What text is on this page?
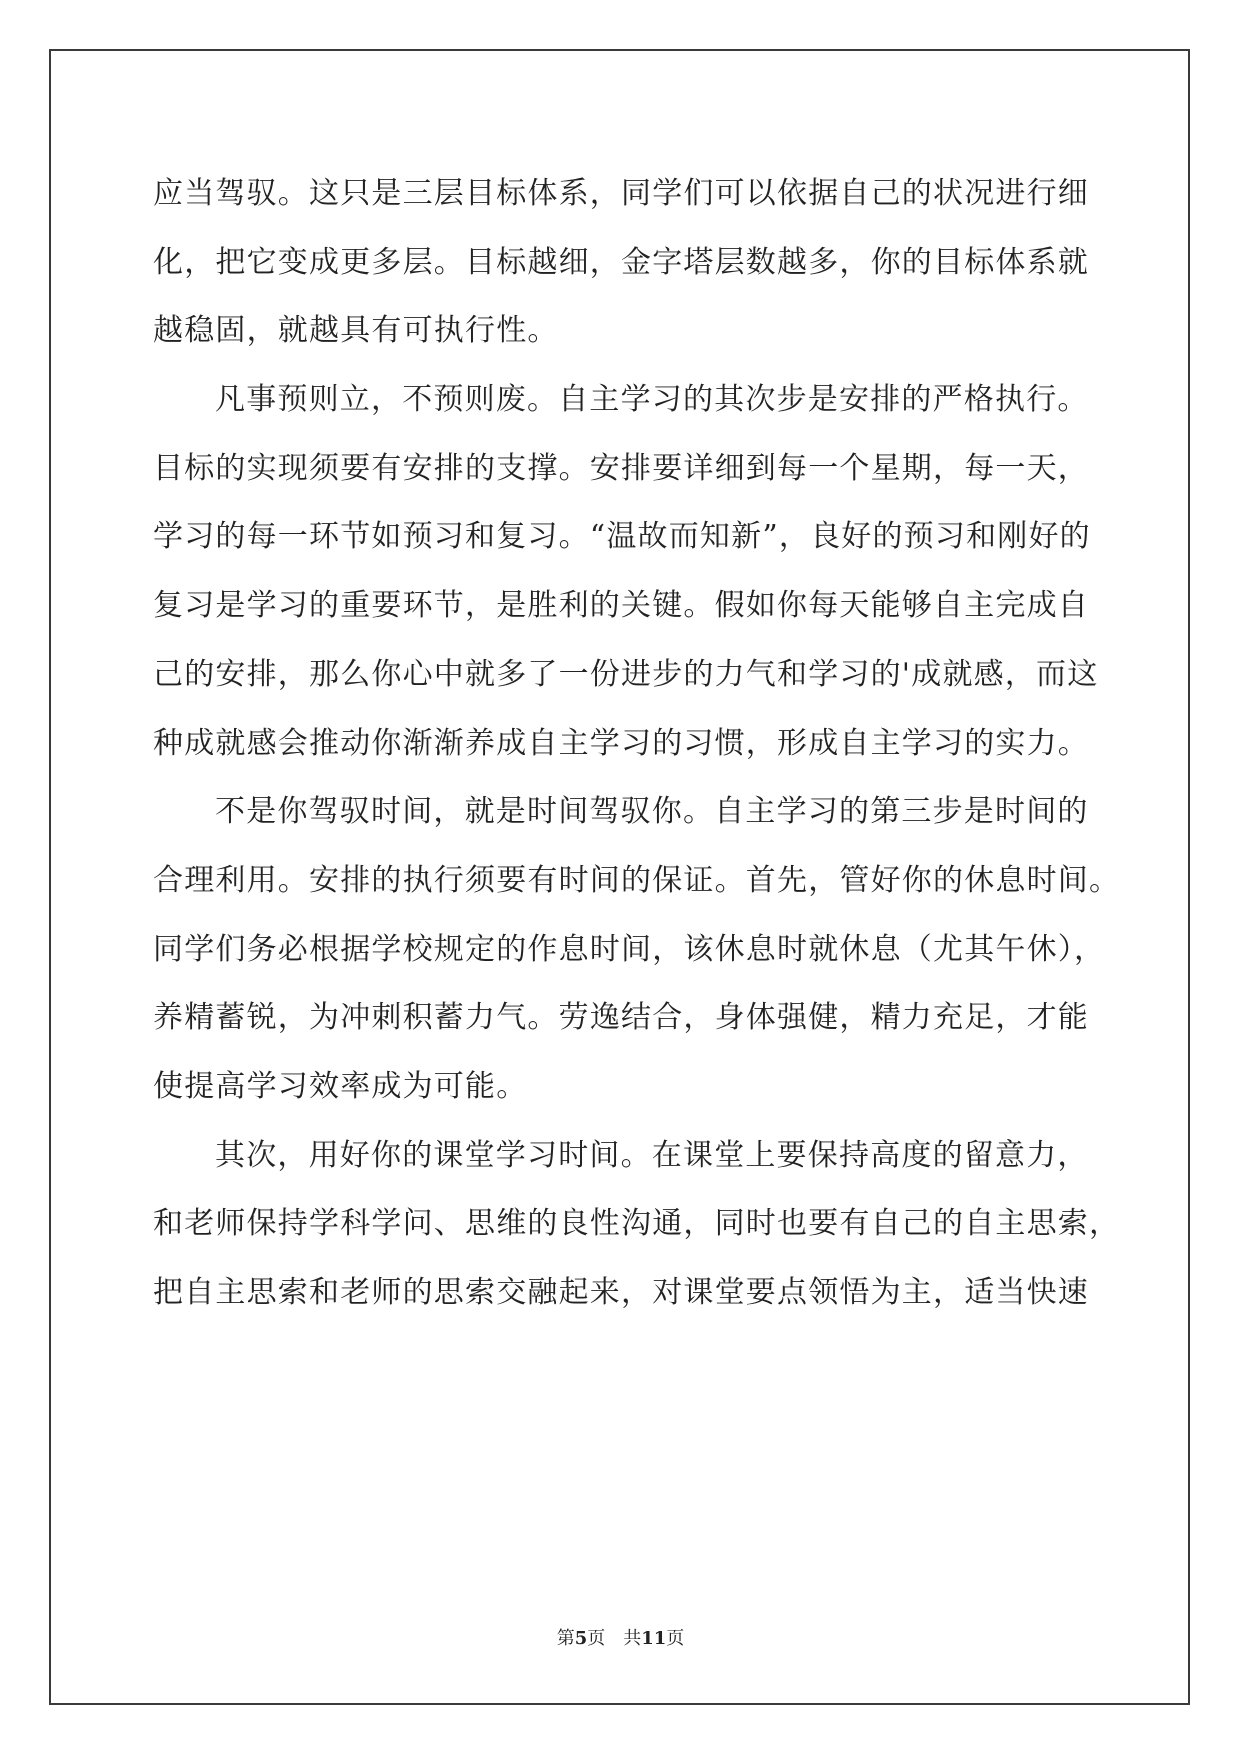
应当驾驭。这只是三层目标体系，同学们可以依据自己的状况进行细
化，把它变成更多层。目标越细，金字塔层数越多，你的目标体系就
越稳固，就越具有可执行性。
凡事预则立，不预则废。自主学习的其次步是安排的严格执行。
目标的实现须要有安排的支撑。安排要详细到每一个星期，每一天，
学习的每一环节如预习和复习。“温故而知新”，良好的预习和刚好的
复习是学习的重要环节，是胜利的关键。假如你每天能够自主完成自
己的安排，那么你心中就多了一份进步的力气和学习的'成就感，而这
种成就感会推动你渐渐养成自主学习的习惯，形成自主学习的实力。
不是你驾驭时间，就是时间驾驭你。自主学习的第三步是时间的
合理利用。安排的执行须要有时间的保证。首先，管好你的休息时间。
同学们务必根据学校规定的作息时间，该休息时就休息（尤其午休），
养精蓄锐，为冲刺积蓄力气。劳逸结合，身体强健，精力充足，才能
使提高学习效率成为可能。
其次，用好你的课堂学习时间。在课堂上要保持高度的留意力，
和老师保持学科学问、思维的良性沟通，同时也要有自己的自主思索，
把自主思索和老师的思索交融起来，对课堂要点领悟为主，适当快速
第5页 共11页
